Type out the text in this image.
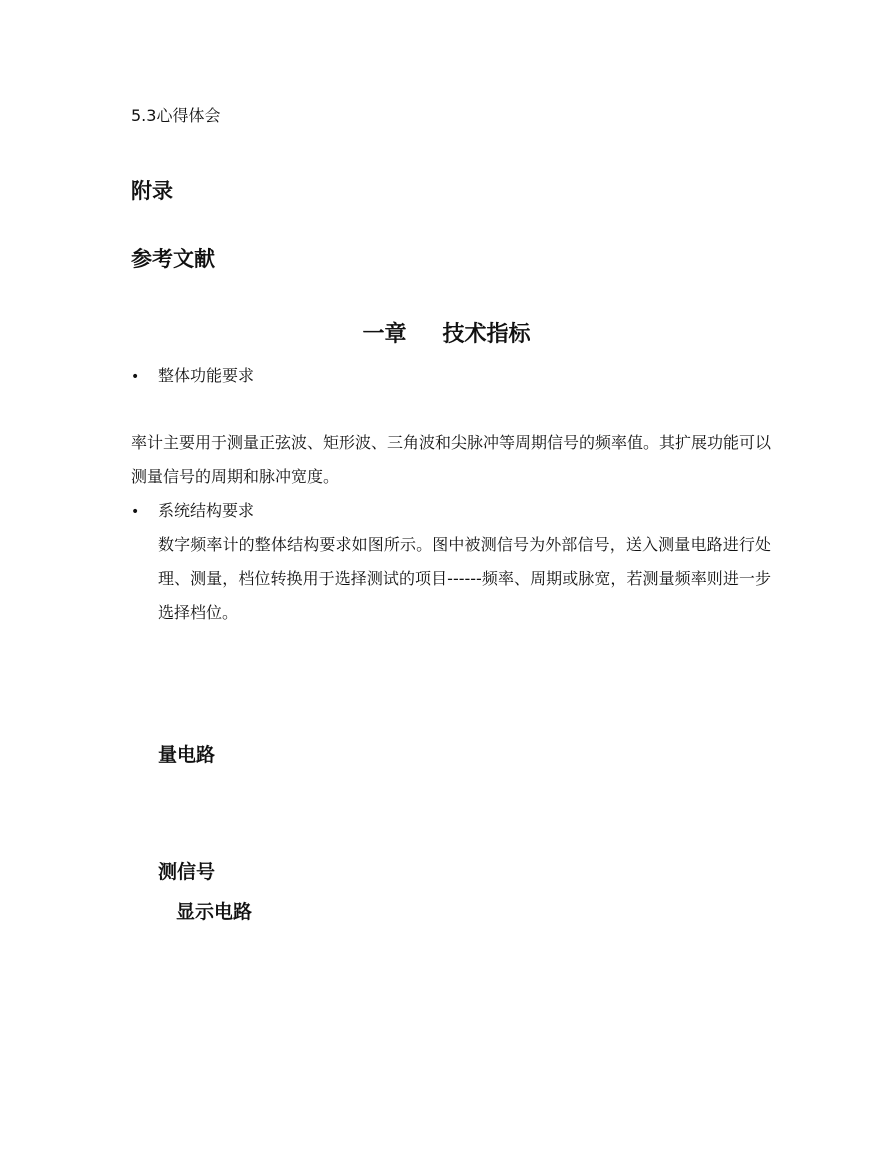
5.3心得体会
附录
参考文献
一章 技术指标
• 整体功能要求
率计主要用于测量正弦波、矩形波、三角波和尖脉冲等周期信号的频率值。其扩展功能可以测量信号的周期和脉冲宽度。
• 系统结构要求
数字频率计的整体结构要求如图所示。图中被测信号为外部信号，送入测量电路进行处理、测量，档位转换用于选择测试的项目------频率、周期或脉宽，若测量频率则进一步选择档位。
量电路
测信号
显示电路
